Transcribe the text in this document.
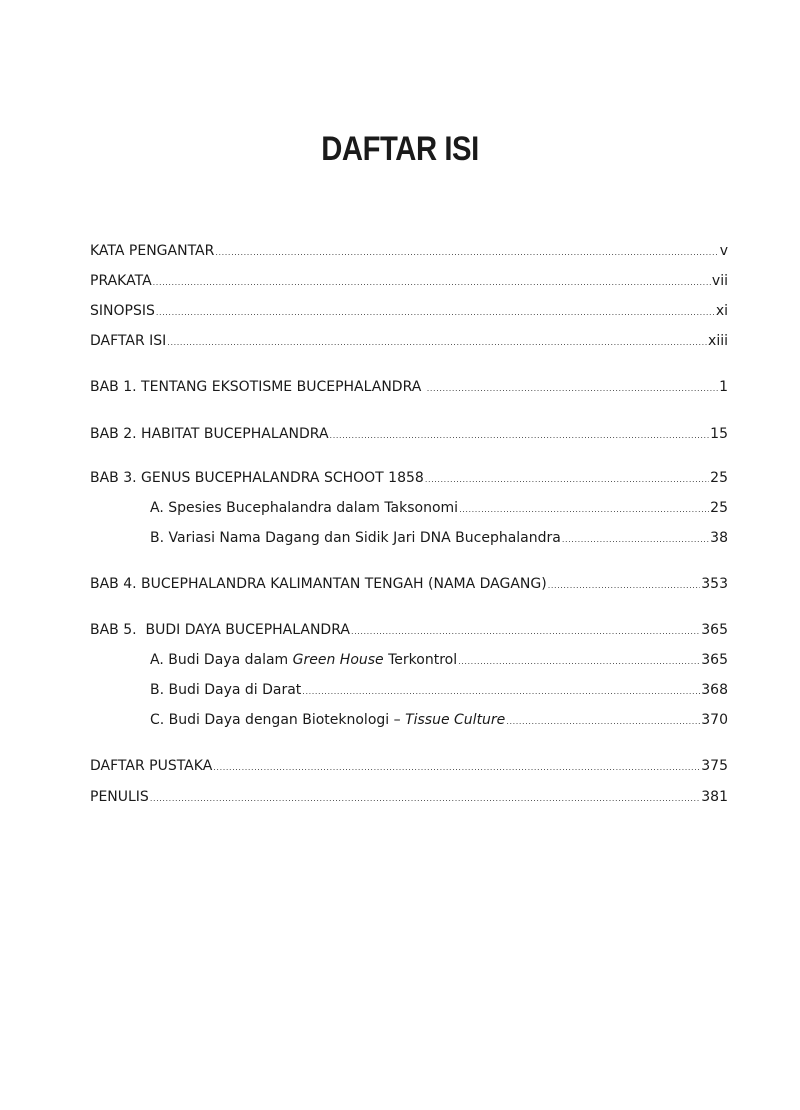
DAFTAR ISI
KATA PENGANTAR .....	v
PRAKATA .....	vii
SINOPSIS .....	xi
DAFTAR ISI .....	xiii
BAB 1. TENTANG EKSOTISME BUCEPHALANDRA .....	1
BAB 2. HABITAT BUCEPHALANDRA .....	15
BAB 3. GENUS BUCEPHALANDRA SCHOOT 1858 .....	25
A. Spesies Bucephalandra dalam Taksonomi .....	25
B. Variasi Nama Dagang dan Sidik Jari DNA Bucephalandra .....	38
BAB 4. BUCEPHALANDRA KALIMANTAN TENGAH (NAMA DAGANG) .....	353
BAB 5.  BUDI DAYA BUCEPHALANDRA .....	365
A. Budi Daya dalam Green House Terkontrol .....	365
B. Budi Daya di Darat .....	368
C. Budi Daya dengan Bioteknologi – Tissue Culture .....	370
DAFTAR PUSTAKA .....	375
PENULIS .....	381
